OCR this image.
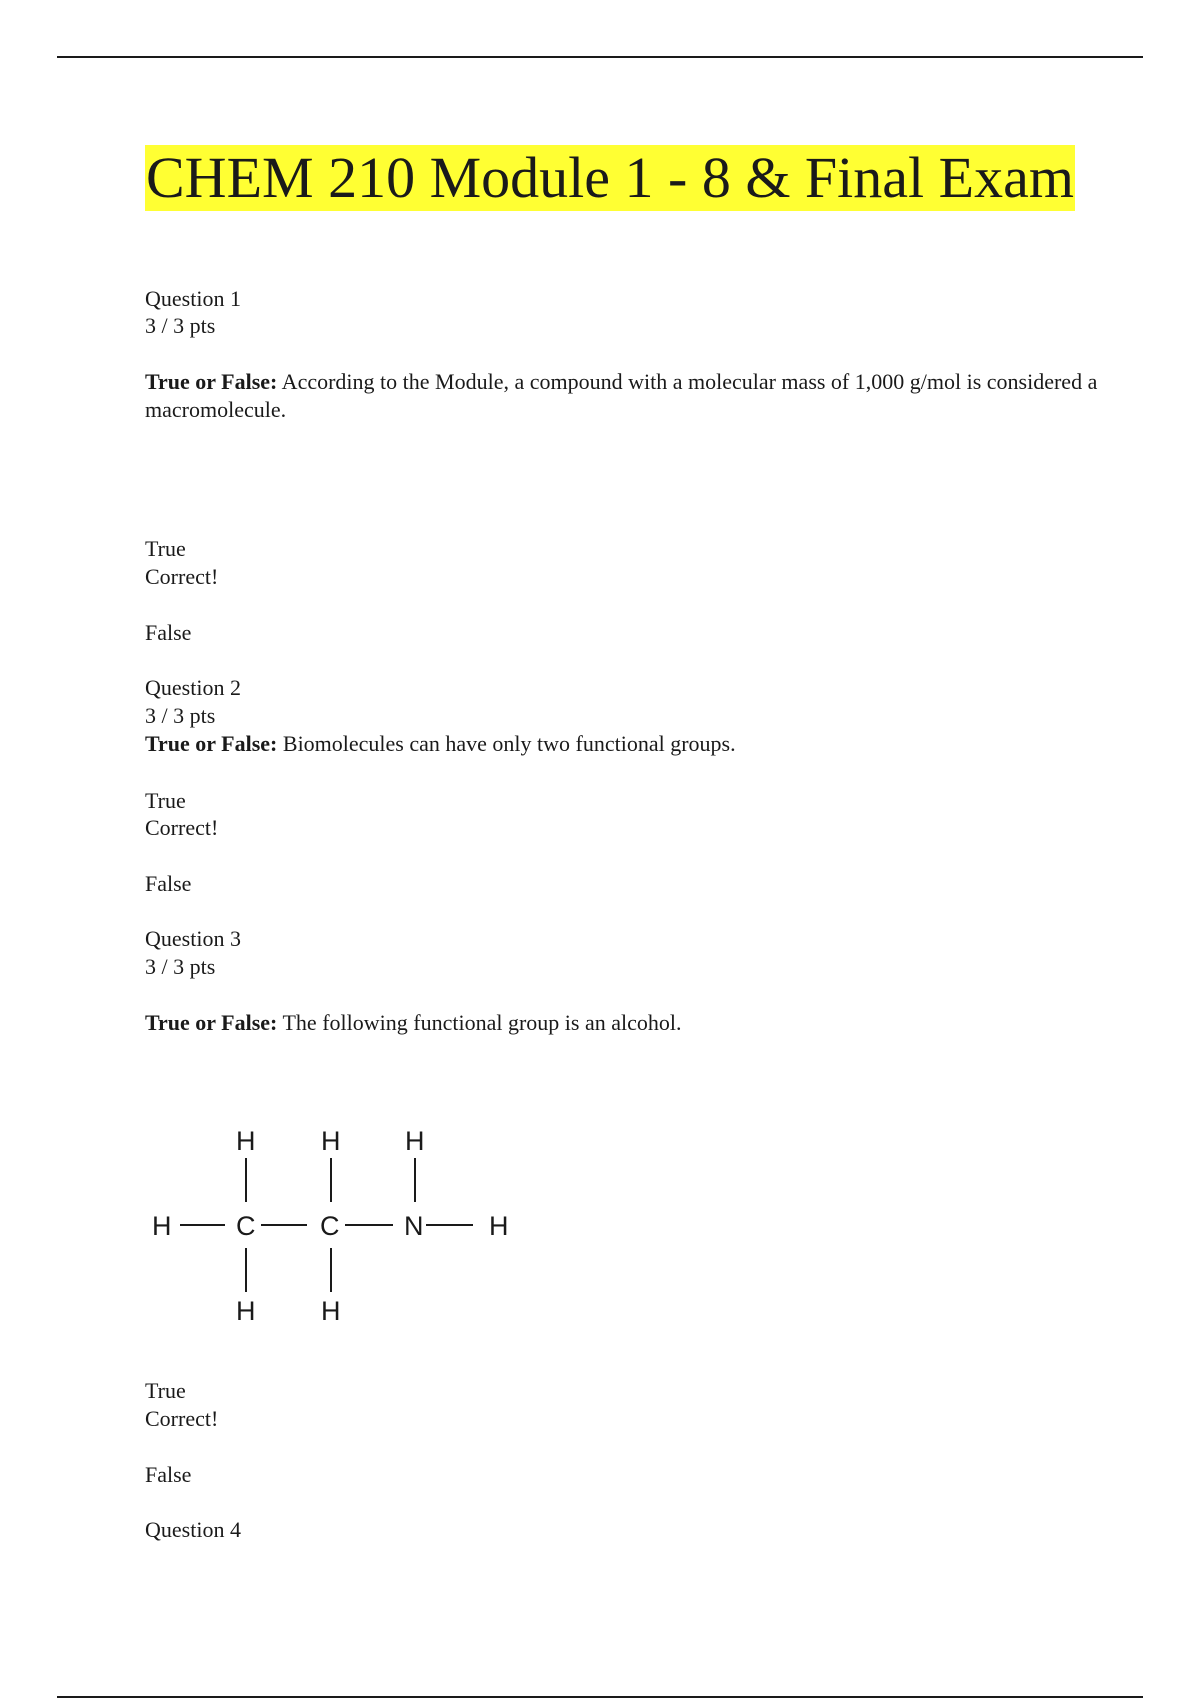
CHEM 210 Module 1 - 8 & Final Exam

Question 1

3 / 3 pts

True or False: According to the Module, a compound with a molecular mass of 1,000 g/mol is considered a macromolecule.

True

Correct!

False

Question 2

3 / 3 pts

True or False: Biomolecules can have only two functional groups.

True

Correct!

False

Question 3

3 / 3 pts

True or False: The following functional group is an alcohol.

True

Correct!

False

Question 4

H C C N H
H H H
H H
